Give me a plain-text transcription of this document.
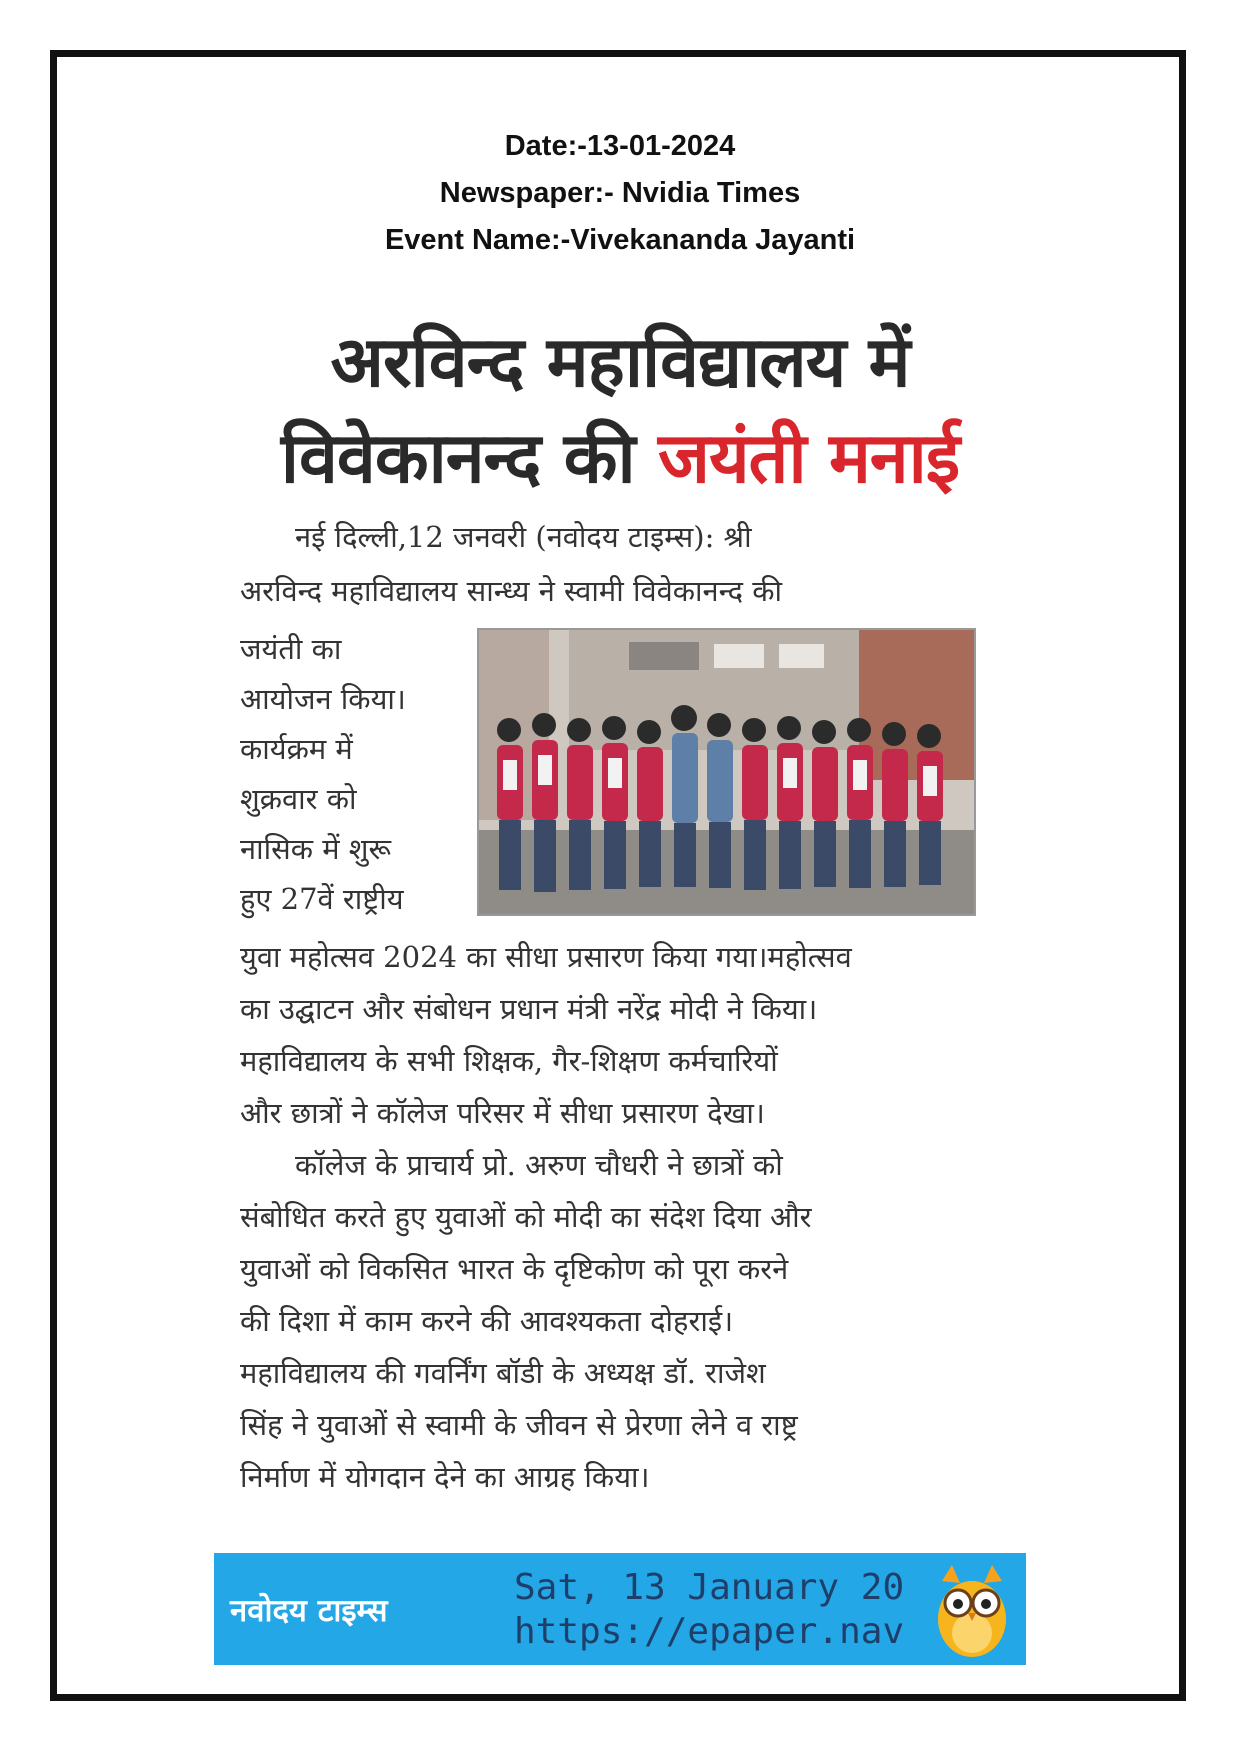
Date:-13-01-2024
Newspaper:- Nvidia Times
Event Name:-Vivekananda Jayanti
अरविन्द महाविद्यालय में
विवेकानन्द की जयंती मनाई
नई दिल्ली,12 जनवरी (नवोदय टाइम्स): श्री
अरविन्द महाविद्यालय सान्ध्य ने स्वामी विवेकानन्द की
जयंती का
आयोजन किया।
कार्यक्रम में
शुक्रवार को
नासिक में शुरू
हुए 27वें राष्ट्रीय
युवा महोत्सव 2024 का सीधा प्रसारण किया गया।महोत्सव
का उद्घाटन और संबोधन प्रधान मंत्री नरेंद्र मोदी ने किया।
महाविद्यालय के सभी शिक्षक, गैर-शिक्षण कर्मचारियों
और छात्रों ने कॉलेज परिसर में सीधा प्रसारण देखा।
कॉलेज के प्राचार्य प्रो. अरुण चौधरी ने छात्रों को
संबोधित करते हुए युवाओं को मोदी का संदेश दिया और
युवाओं को विकसित भारत के दृष्टिकोण को पूरा करने
की दिशा में काम करने की आवश्यकता दोहराई।
महाविद्यालय की गवर्निंग बॉडी के अध्यक्ष डॉ. राजेश
सिंह ने युवाओं से स्वामी के जीवन से प्रेरणा लेने व राष्ट्र
निर्माण में योगदान देने का आग्रह किया।
नवोदय टाइम्स
Sat, 13 January 20
https://epaper.nav
